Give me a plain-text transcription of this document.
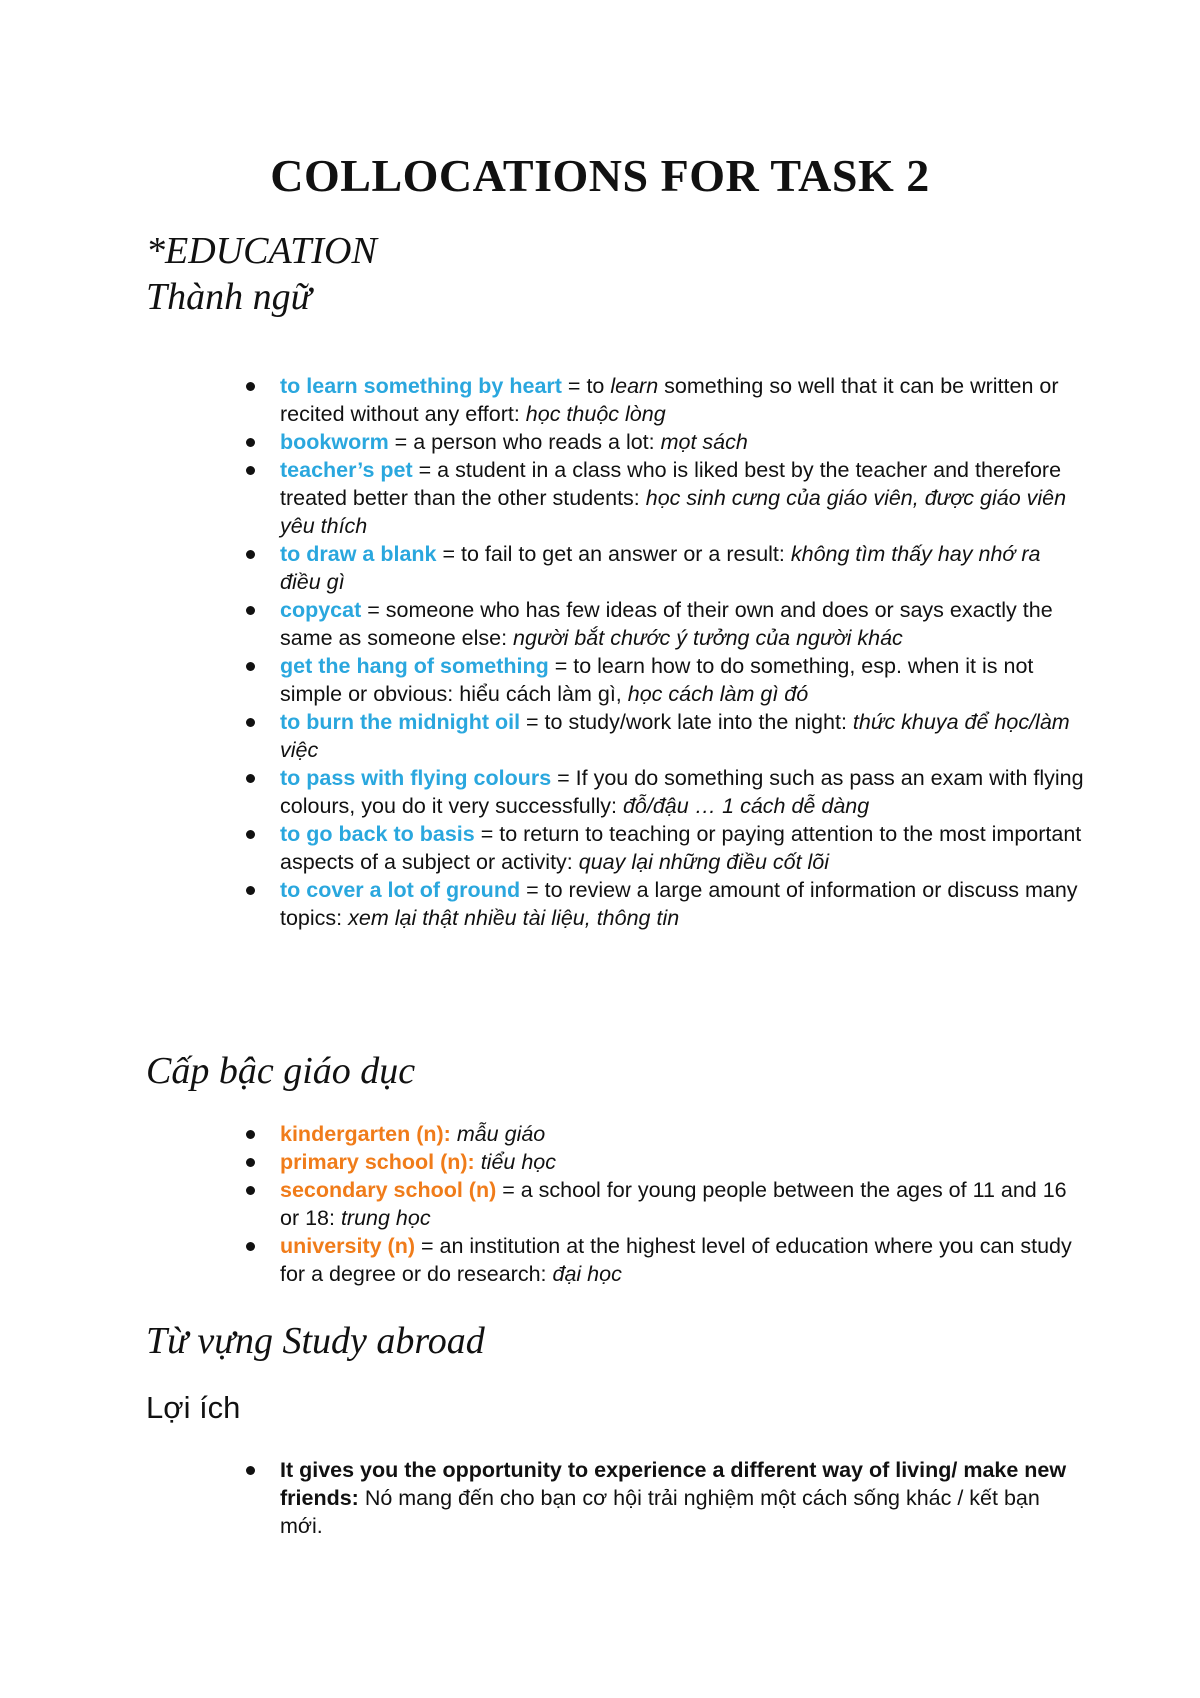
COLLOCATIONS FOR TASK 2
*EDUCATION
Thành ngữ
to learn something by heart = to learn something so well that it can be written or recited without any effort: học thuộc lòng
bookworm = a person who reads a lot: mọt sách
teacher’s pet = a student in a class who is liked best by the teacher and therefore treated better than the other students: học sinh cưng của giáo viên, được giáo viên yêu thích
to draw a blank = to fail to get an answer or a result: không tìm thấy hay nhớ ra điều gì
copycat = someone who has few ideas of their own and does or says exactly the same as someone else: người bắt chước ý tưởng của người khác
get the hang of something = to learn how to do something, esp. when it is not simple or obvious: hiểu cách làm gì, học cách làm gì đó
to burn the midnight oil = to study/work late into the night: thức khuya để học/làm việc
to pass with flying colours = If you do something such as pass an exam with flying colours, you do it very successfully: đỗ/đậu … 1 cách dễ dàng
to go back to basis = to return to teaching or paying attention to the most important aspects of a subject or activity: quay lại những điều cốt lõi
to cover a lot of ground = to review a large amount of information or discuss many topics: xem lại thật nhiều tài liệu, thông tin
Cấp bậc giáo dục
kindergarten (n): mẫu giáo
primary school (n): tiểu học
secondary school (n) = a school for young people between the ages of 11 and 16 or 18: trung học
university (n) = an institution at the highest level of education where you can study for a degree or do research: đại học
Từ vựng Study abroad
Lợi ích
It gives you the opportunity to experience a different way of living/ make new friends: Nó mang đến cho bạn cơ hội trải nghiệm một cách sống khác / kết bạn mới.
